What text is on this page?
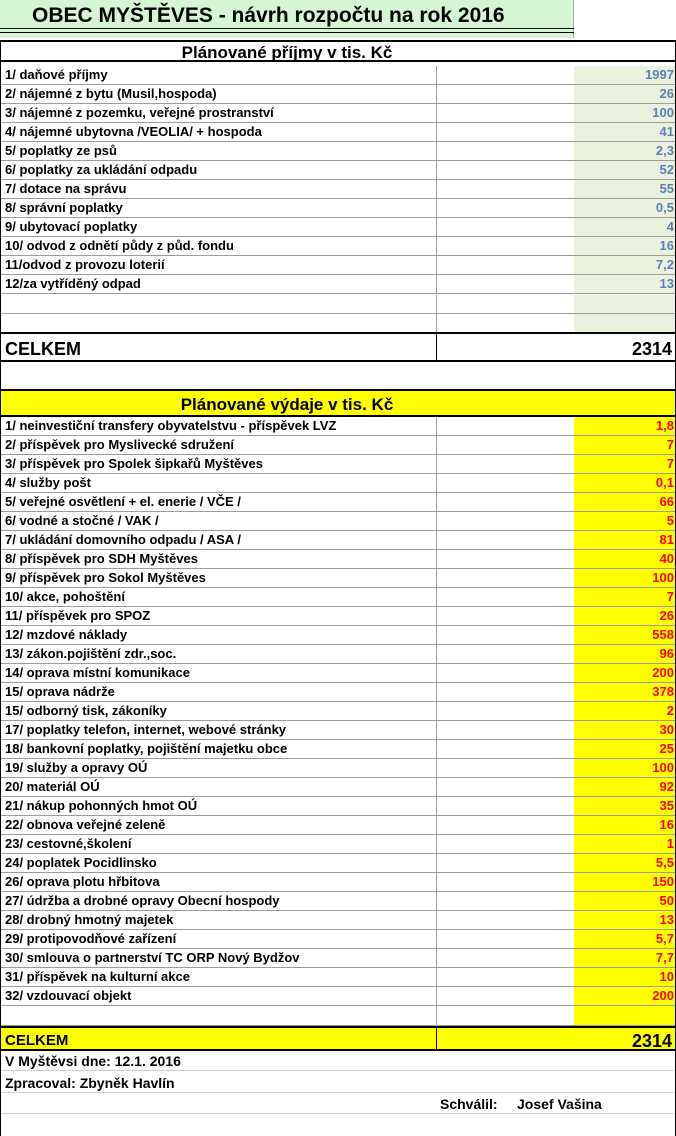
OBEC MYŠTĚVES - návrh rozpočtu na rok 2016
Plánované příjmy v tis. Kč
1/ daňové příjmy	1997
2/ nájemné z bytu (Musil,hospoda)	26
3/ nájemné z pozemku, veřejné prostranství	100
4/ nájemné ubytovna /VEOLIA/ + hospoda	41
5/ poplatky ze psů	2,3
6/ poplatky za ukládání odpadu	52
7/ dotace na správu	55
8/ správní poplatky	0,5
9/ ubytovací poplatky	4
10/ odvod z odnětí půdy z půd. fondu	16
11/odvod z provozu loterií	7,2
12/za vytříděný odpad	13
CELKEM	2314
Plánované výdaje v tis. Kč
1/ neinvestiční transfery obyvatelstvu - příspěvek LVZ	1,8
2/ příspěvek pro Myslivecké sdružení	7
3/ příspěvek pro Spolek šipkařů Myštěves	7
4/ služby pošt	0,1
5/ veřejné osvětlení + el. enerie / VČE /	66
6/ vodné a stočné / VAK /	5
7/ ukládání domovního odpadu / ASA /	81
8/ příspěvek pro SDH Myštěves	40
9/ příspěvek pro Sokol Myštěves	100
10/ akce, pohoštění	7
11/ příspěvek pro SPOZ	26
12/ mzdové náklady	558
13/ zákon.pojištění zdr.,soc.	96
14/ oprava místní komunikace	200
15/ oprava nádrže	378
15/ odborný tisk, zákoníky	2
17/ poplatky telefon, internet, webové stránky	30
18/ bankovní poplatky, pojištění majetku obce	25
19/ služby a opravy OÚ	100
20/ materiál OÚ	92
21/ nákup pohonných hmot OÚ	35
22/ obnova veřejné zeleně	16
23/ cestovné,školení	1
24/ poplatek Pocidlinsko	5,5
26/ oprava plotu hřbitova	150
27/ údržba a drobné opravy Obecní hospody	50
28/ drobný hmotný majetek	13
29/ protipovodňové zařízení	5,7
30/ smlouva o partnerství TC ORP Nový Bydžov	7,7
31/ příspěvek na kulturní akce	10
32/ vzdouvací objekt	200
CELKEM	2314
V Myštěvsi dne: 12.1. 2016
Zpracoval: Zbyněk Havlín
Schválil: Josef Vašina
